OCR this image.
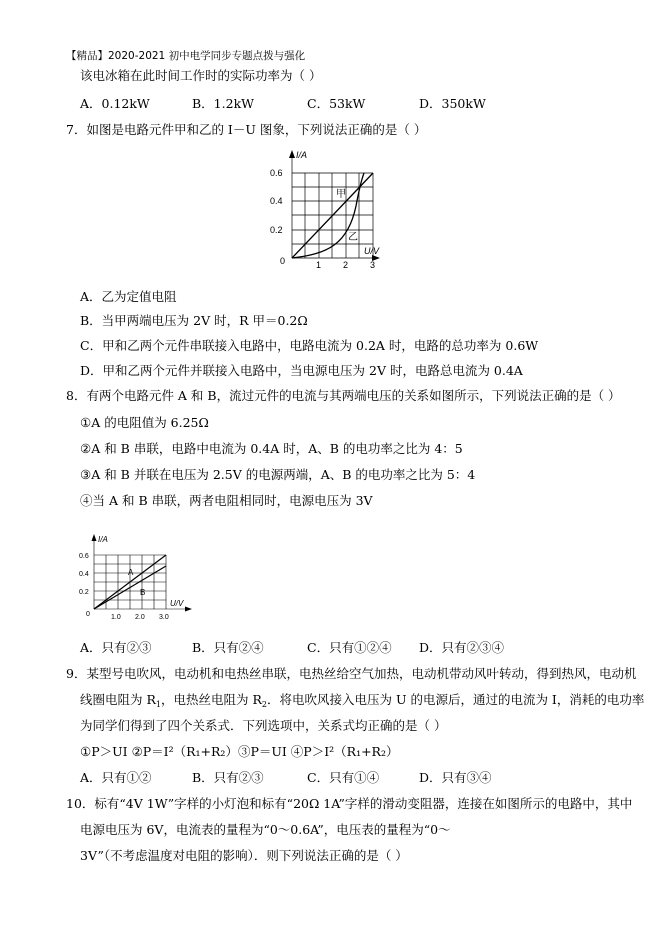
【精品】2020-2021 初中电学同步专题点拨与强化
该电冰箱在此时间工作时的实际功率为（ ）
A．0.12kW	B．1.2kW	C．53kW	D．350kW
7．如图是电路元件甲和乙的 I－U 图象，下列说法正确的是（ ）
I/A
U/V
0.6
0.4
0.2
0	1 2 3
甲
乙
A．乙为定值电阻
B．当甲两端电压为 2V 时，R 甲＝0.2Ω
C．甲和乙两个元件串联接入电路中，电路电流为 0.2A 时，电路的总功率为 0.6W
D．甲和乙两个元件并联接入电路中，当电源电压为 2V 时，电路总电流为 0.4A
8．有两个电路元件 A 和 B，流过元件的电流与其两端电压的关系如图所示，下列说法正确的是（ ）
①A 的电阻值为 6.25Ω
②A 和 B 串联，电路中电流为 0.4A 时，A、B 的电功率之比为 4：5
③A 和 B 并联在电压为 2.5V 的电源两端，A、B 的电功率之比为 5：4
④当 A 和 B 串联，两者电阻相同时，电源电压为 3V
I/A
U/V
0.6
0.4
0.2
0	1.0 2.0 3.0
A
B
A．只有②③	B．只有②④	C．只有①②④ D．只有②③④
9．某型号电吹风，电动机和电热丝串联，电热丝给空气加热，电动机带动风叶转动，得到热风，电动机
线圈电阻为 $R_1$，电热丝电阻为 $R_2$．将电吹风接入电压为 U 的电源后，通过的电流为 I，消耗的电功率
为同学们得到了四个关系式．下列选项中，关系式均正确的是（ ）
①P＞UI ②P＝I²（R₁+R₂）③P＝UI ④P＞I²（R₁+R₂）
A．只有①②	B．只有②③	C．只有①④	D．只有③④
10．标有“4V 1W”字样的小灯泡和标有“20Ω 1A”字样的滑动变阻器，连接在如图所示的电路中，其中
电源电压为 6V，电流表的量程为“0～0.6A”，电压表的量程为“0～
3V”（不考虑温度对电阻的影响）．则下列说法正确的是（ ）
